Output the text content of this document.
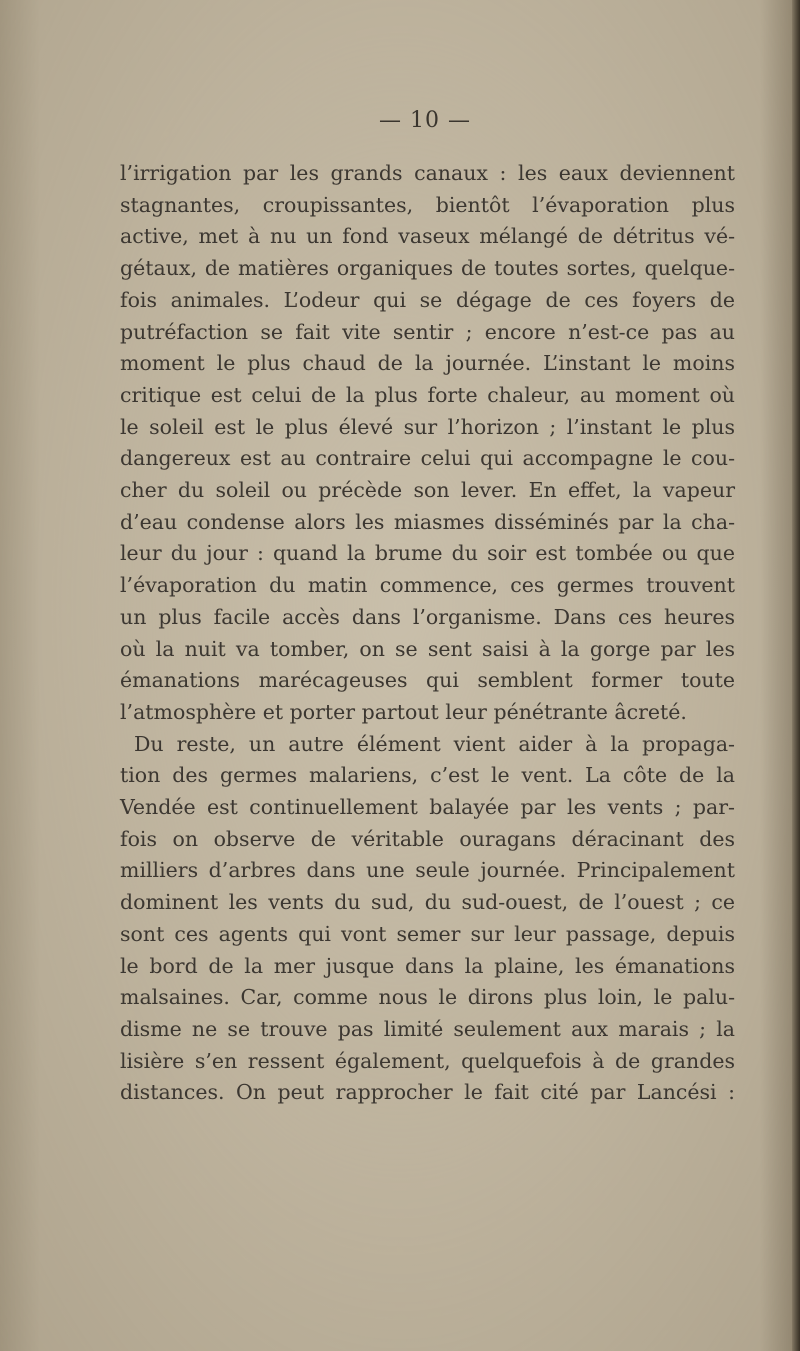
— 10 —
l’irrigation par les grands canaux : les eaux deviennent
stagnantes, croupissantes, bientôt l’évaporation plus
active, met à nu un fond vaseux mélangé de détritus vé-
gétaux, de matières organiques de toutes sortes, quelque-
fois animales. L’odeur qui se dégage de ces foyers de
putréfaction se fait vite sentir ; encore n’est-ce pas au
moment le plus chaud de la journée. L’instant le moins
critique est celui de la plus forte chaleur, au moment où
le soleil est le plus élevé sur l’horizon ; l’instant le plus
dangereux est au contraire celui qui accompagne le cou-
cher du soleil ou précède son lever. En effet, la vapeur
d’eau condense alors les miasmes disséminés par la cha-
leur du jour : quand la brume du soir est tombée ou que
l’évaporation du matin commence, ces germes trouvent
un plus facile accès dans l’organisme. Dans ces heures
où la nuit va tomber, on se sent saisi à la gorge par les
émanations marécageuses qui semblent former toute
l’atmosphère et porter partout leur pénétrante âcreté.
Du reste, un autre élément vient aider à la propaga-
tion des germes malariens, c’est le vent. La côte de la
Vendée est continuellement balayée par les vents ; par-
fois on observe de véritable ouragans déracinant des
milliers d’arbres dans une seule journée. Principalement
dominent les vents du sud, du sud-ouest, de l’ouest ; ce
sont ces agents qui vont semer sur leur passage, depuis
le bord de la mer jusque dans la plaine, les émanations
malsaines. Car, comme nous le dirons plus loin, le palu-
disme ne se trouve pas limité seulement aux marais ; la
lisière s’en ressent également, quelquefois à de grandes
distances. On peut rapprocher le fait cité par Lancési :
